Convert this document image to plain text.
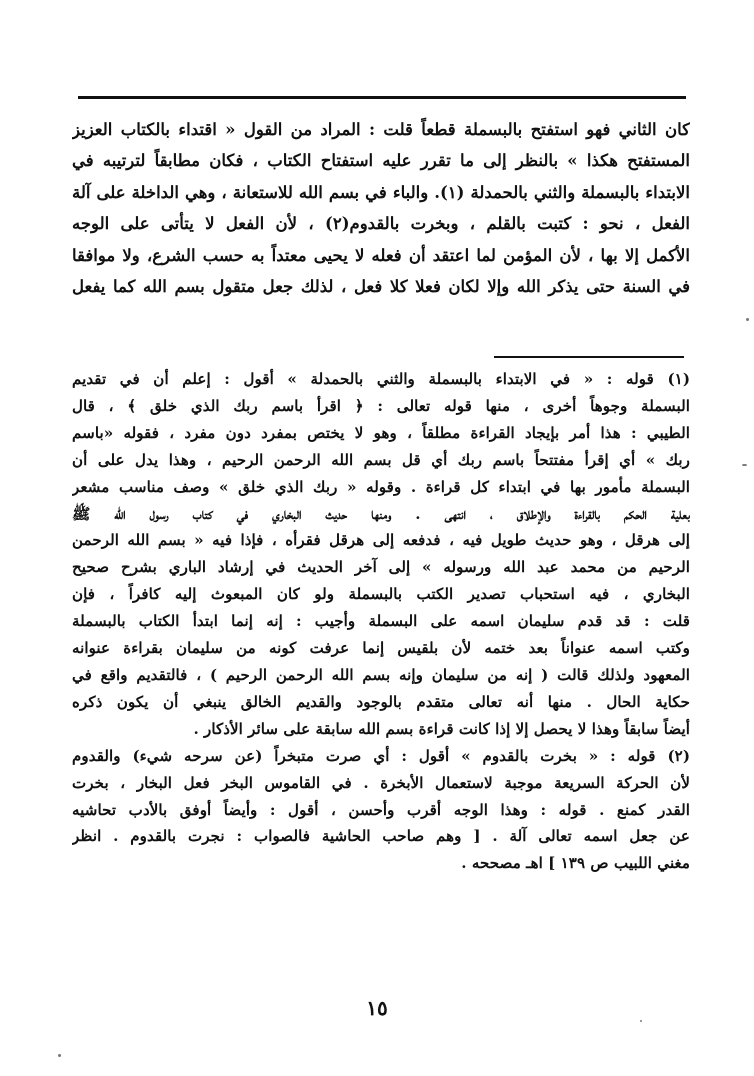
كان الثاني فهو استفتح بالبسملة قطعاً قلت : المراد من القول « اقتداء بالكتاب العزيز
المستفتح هكذا » بالنظر إلى ما تقرر عليه استفتاح الكتاب ، فكان مطابقاً لترتيبه في
الابتداء بالبسملة والثني بالحمدلة (١). والباء في بسم الله للاستعانة ، وهي الداخلة على آلة
الفعل ، نحو : كتبت بالقلم ، وبخرت بالقدوم(٢) ، لأن الفعل لا يتأتى على الوجه
الأكمل إلا بها ، لأن المؤمن لما اعتقد أن فعله لا يحيى معتداً به حسب الشرع، ولا موافقا
في السنة حتى يذكر الله وإلا لكان فعلا كلا فعل ، لذلك جعل متقول بسم الله كما يفعل
(١) قوله : « في الابتداء بالبسملة والثني بالحمدلة » أقول : إعلم أن في تقديم
البسملة وجوهاً أخرى ، منها قوله تعالى : ﴿ اقرأ باسم ربك الذي خلق ﴾ ، قال
الطيبي : هذا أمر بإيجاد القراءة مطلقاً ، وهو لا يختص بمفرد دون مفرد ، فقوله «باسم
ربك » أي إقرأ مفتتحاً باسم ربك أي قل بسم الله الرحمن الرحيم ، وهذا يدل على أن
البسملة مأمور بها في ابتداء كل قراءة . وقوله « ربك الذي خلق » وصف مناسب مشعر
بعلية الحكم بالقراءة والإطلاق ، انتهى . ومنها حديث البخاري في كتاب رسول الله ﷺ
إلى هرقل ، وهو حديث طويل فيه ، فدفعه إلى هرقل فقرأه ، فإذا فيه « بسم الله الرحمن
الرحيم من محمد عبد الله ورسوله » إلى آخر الحديث في إرشاد الباري بشرح صحيح
البخاري ، فيه استحباب تصدير الكتب بالبسملة ولو كان المبعوث إليه كافراً ، فإن
قلت : قد قدم سليمان اسمه على البسملة وأجيب : إنه إنما ابتدأ الكتاب بالبسملة
وكتب اسمه عنواناً بعد ختمه لأن بلقيس إنما عرفت كونه من سليمان بقراءة عنوانه
المعهود ولذلك قالت ( إنه من سليمان وإنه بسم الله الرحمن الرحيم ) ، فالتقديم واقع في
حكاية الحال . منها أنه تعالى متقدم بالوجود والقديم الخالق ينبغي أن يكون ذكره
أيضاً سابقاً وهذا لا يحصل إلا إذا كانت قراءة بسم الله سابقة على سائر الأذكار .
(٢) قوله : « بخرت بالقدوم » أقول : أي صرت متبخراً (عن سرحه شيء) والقدوم
لأن الحركة السريعة موجبة لاستعمال الأبخرة . في القاموس البخر فعل البخار ، بخرت
القدر كمنع . قوله : وهذا الوجه أقرب وأحسن ، أقول : وأيضاً أوفق بالأدب تحاشيه
عن جعل اسمه تعالى آلة . [ وهم صاحب الحاشية فالصواب : نجرت بالقدوم . انظر
مغني اللبيب ص ١٣٩ ] اهـ مصححه .
١٥
